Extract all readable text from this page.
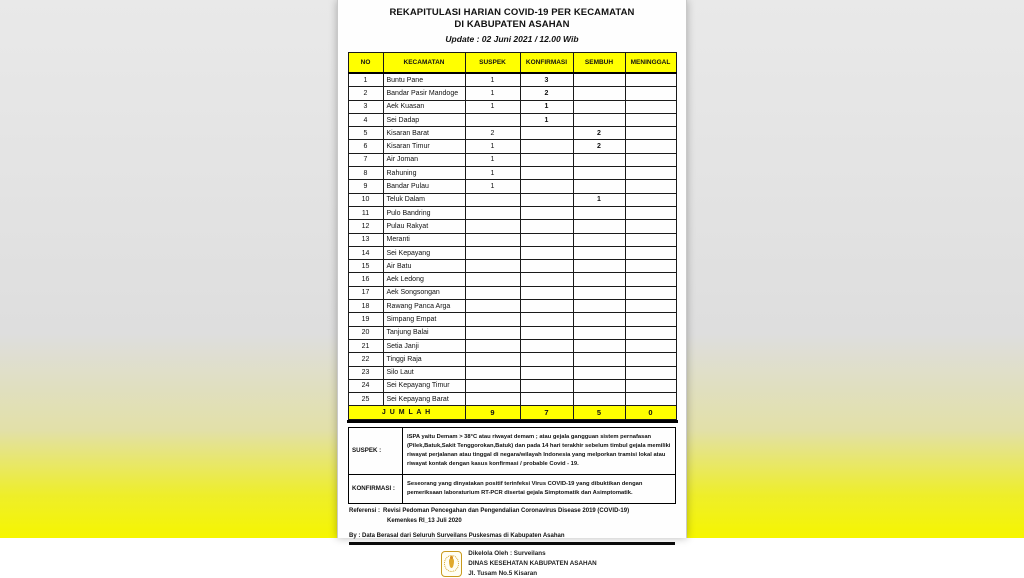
REKAPITULASI HARIAN COVID-19 PER KECAMATAN
DI KABUPATEN ASAHAN
Update : 02 Juni 2021 / 12.00 Wib
NO	KECAMATAN	SUSPEK	KONFIRMASI	SEMBUH	MENINGGAL
1	Buntu Pane	1	3		
2	Bandar Pasir Mandoge	1	2		
3	Aek Kuasan	1	1		
4	Sei Dadap		1		
5	Kisaran Barat	2		2	
6	Kisaran Timur	1		2	
7	Air Joman	1			
8	Rahuning	1			
9	Bandar Pulau	1			
10	Teluk Dalam			1	
11	Pulo Bandring				
12	Pulau Rakyat				
13	Meranti				
14	Sei Kepayang				
15	Air Batu				
16	Aek Ledong				
17	Aek Songsongan				
18	Rawang Panca Arga				
19	Simpang Empat				
20	Tanjung Balai				
21	Setia Janji				
22	Tinggi Raja				
23	Silo Laut				
24	Sei Kepayang Timur				
25	Sei Kepayang Barat				
J U M L A H		9	7	5	0
SUSPEK :	ISPA yaitu Demam > 38°C atau riwayat demam ; atau gejala gangguan sistem pernafasan (Pilek,Batuk,Sakit Tenggorokan,Batuk) dan pada 14 hari terakhir sebelum timbul gejala memiliki riwayat perjalanan atau tinggal di negara/wilayah Indonesia yang melporkan tramisi lokal atau riwayat kontak dengan kasus konfirmasi / probable Covid - 19.
KONFIRMASI :	Seseorang yang dinyatakan positif terinfeksi Virus COVID-19 yang dibuktikan dengan pemeriksaan laboraturium RT-PCR disertai gejala Simptomatik dan Asimptomatik.
Referensi : Revisi Pedoman Pencegahan dan Pengendalian Coronavirus Disease 2019 (COVID-19)
Kemenkes RI_13 Juli 2020
By : Data Berasal dari Seluruh Surveilans Puskesmas di Kabupaten Asahan
Dikelola Oleh : Surveilans
DINAS KESEHATAN KABUPATEN ASAHAN
Jl. Tusam No.5 Kisaran
